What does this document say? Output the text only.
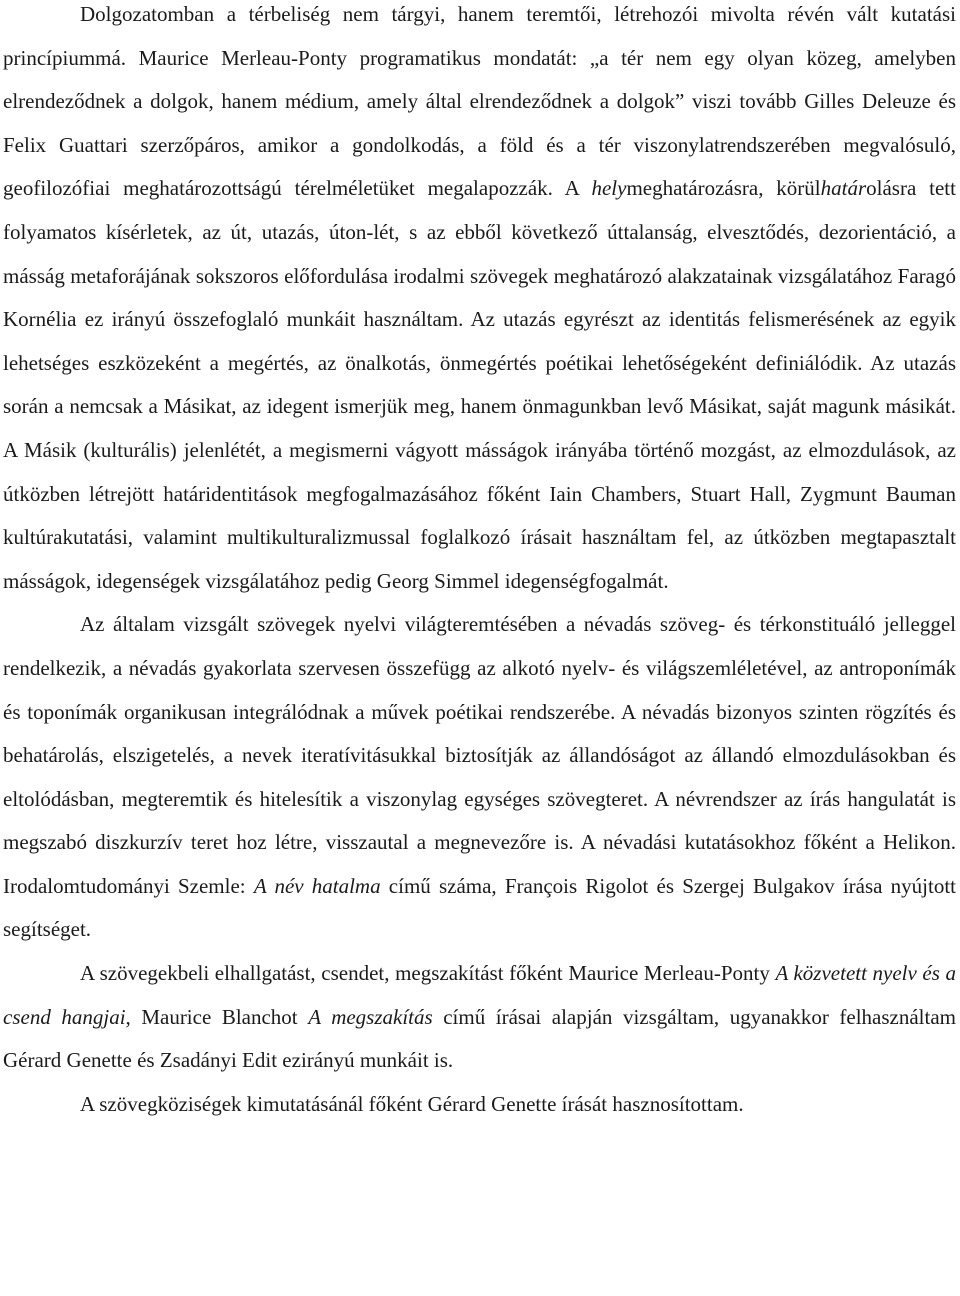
Dolgozatomban a térbeliség nem tárgyi, hanem teremtői, létrehozói mivolta révén vált kutatási princípiummá. Maurice Merleau-Ponty programatikus mondatát: „a tér nem egy olyan közeg, amelyben elrendeződnek a dolgok, hanem médium, amely által elrendeződnek a dolgok” viszi tovább Gilles Deleuze és Felix Guattari szerzőpáros, amikor a gondolkodás, a föld és a tér viszonylatrendszerében megvalósuló, geofilozófiai meghatározottságú térelméletüket megalapozzák. A helymeghatározásra, körülhatárolásra tett folyamatos kísérletek, az út, utazás, úton-lét, s az ebből következő úttalanság, elvesztődés, dezorientáció, a másság metaforájának sokszoros előfordulása irodalmi szövegek meghatározó alakzatainak vizsgálatához Faragó Kornélia ez irányú összefoglaló munkáit használtam. Az utazás egyrészt az identitás felismerésének az egyik lehetséges eszközeként a megértés, az önalkotás, önmegértés poétikai lehetőségeként definiálódik. Az utazás során a nemcsak a Másikat, az idegent ismerjük meg, hanem önmagunkban levő Másikat, saját magunk másikát. A Másik (kulturális) jelenlétét, a megismerni vágyott másságok irányába történő mozgást, az elmozdulások, az útközben létrejött határidentitások megfogalmazásához főként Iain Chambers, Stuart Hall, Zygmunt Bauman kultúrakutatási, valamint multikulturalizmussal foglalkozó írásait használtam fel, az útközben megtapasztalt másságok, idegenségek vizsgálatához pedig Georg Simmel idegenségfogalmát.

Az általam vizsgált szövegek nyelvi világteremtésében a névadás szöveg- és térkonstituáló jelleggel rendelkezik, a névadás gyakorlata szervesen összefügg az alkotó nyelv- és világszemléletével, az antroponímák és toponímák organikusan integrálódnak a művek poétikai rendszerébe. A névadás bizonyos szinten rögzítés és behatárolás, elszigetelés, a nevek iteratívitásukkal biztosítják az állandóságot az állandó elmozdulásokban és eltolódásban, megteremtik és hitelesítik a viszonylag egységes szövegteret. A névrendszer az írás hangulatát is megszabó diszkurzív teret hoz létre, visszautal a megnevezőre is. A névadási kutatásokhoz főként a Helikon. Irodalomtudományi Szemle: A név hatalma című száma, François Rigolot és Szergej Bulgakov írása nyújtott segítséget.

A szövegekbeli elhallgatást, csendet, megszakítást főként Maurice Merleau-Ponty A közvetett nyelv és a csend hangjai, Maurice Blanchot A megszakítás című írásai alapján vizsgáltam, ugyanakkor felhasználtam Gérard Genette és Zsadányi Edit ezirányú munkáit is.

A szövegköziségek kimutatásánál főként Gérard Genette írását hasznosítottam.
